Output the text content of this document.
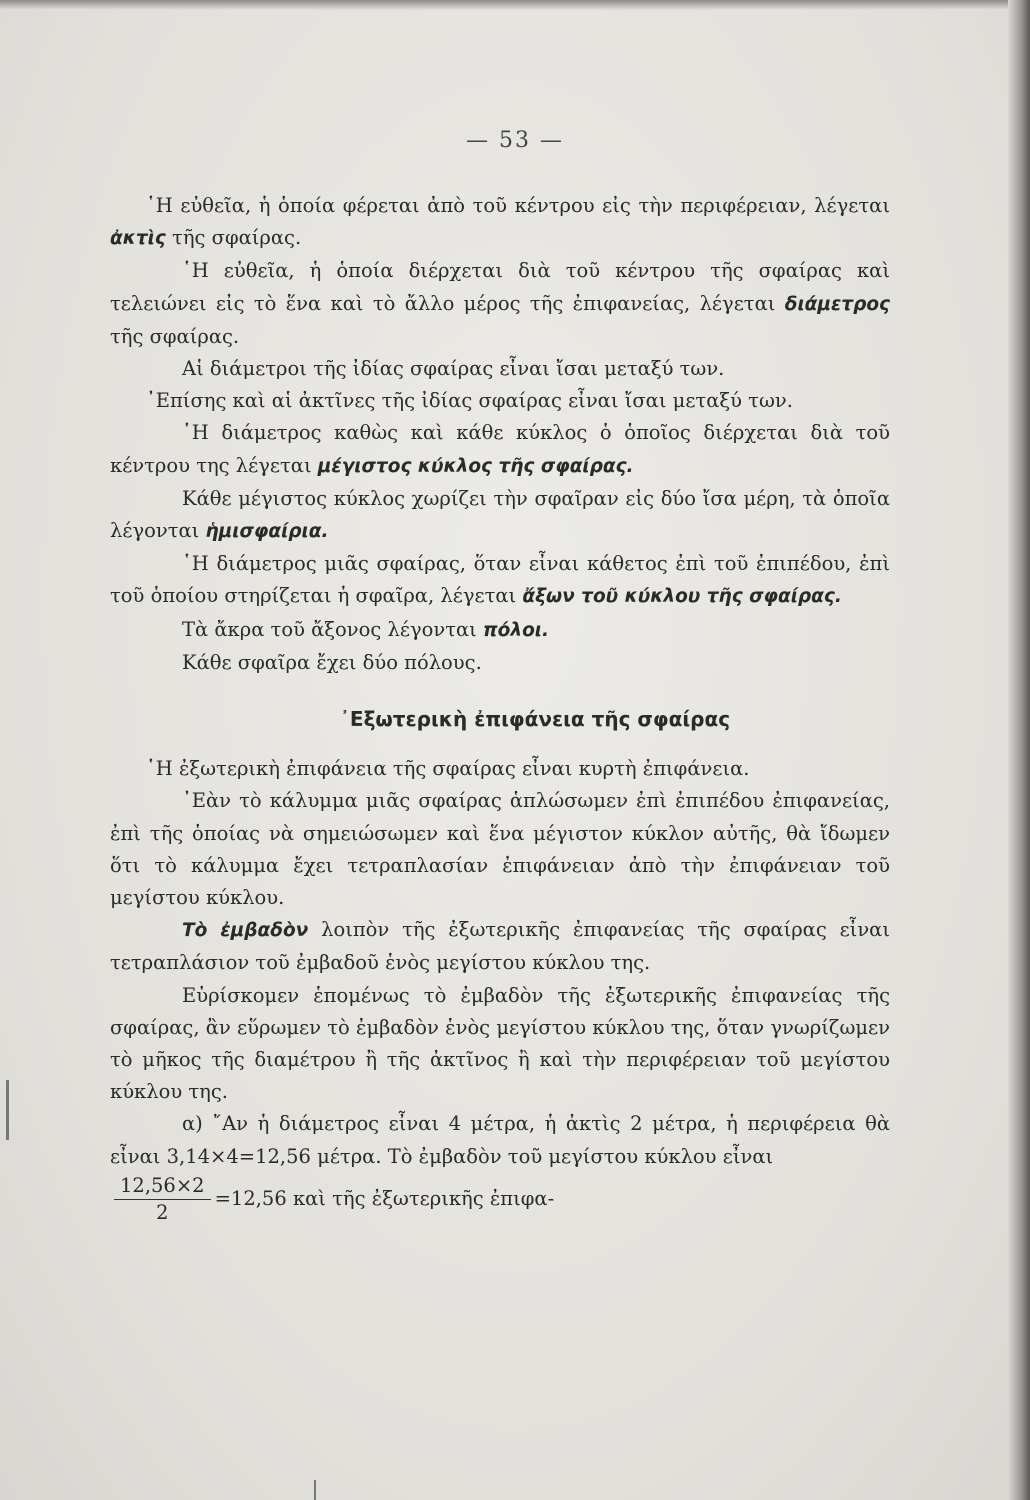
— 53 —

῾Η εὐθεῖα, ἡ ὁποία φέρεται ἀπὸ τοῦ κέντρου εἰς τὴν περιφέρειαν, λέγεται ἀκτὶς τῆς σφαίρας.

῾Η εὐθεῖα, ἡ ὁποία διέρχεται διὰ τοῦ κέντρου τῆς σφαίρας καὶ τελειώνει εἰς τὸ ἕνα καὶ τὸ ἄλλο μέρος τῆς ἐπιφανείας, λέγεται διάμετρος τῆς σφαίρας.

Αἱ διάμετροι τῆς ἰδίας σφαίρας εἶναι ἴσαι μεταξύ των.

᾿Επίσης καὶ αἱ ἀκτῖνες τῆς ἰδίας σφαίρας εἶναι ἴσαι μεταξύ των.

῾Η διάμετρος καθὼς καὶ κάθε κύκλος ὁ ὁποῖος διέρχεται διὰ τοῦ κέντρου της λέγεται μέγιστος κύκλος τῆς σφαίρας.

Κάθε μέγιστος κύκλος χωρίζει τὴν σφαῖραν εἰς δύο ἴσα μέρη, τὰ ὁποῖα λέγονται ἡμισφαίρια.

῾Η διάμετρος μιᾶς σφαίρας, ὅταν εἶναι κάθετος ἐπὶ τοῦ ἐπιπέδου, ἐπὶ τοῦ ὁποίου στηρίζεται ἡ σφαῖρα, λέγεται ἄξων τοῦ κύκλου τῆς σφαίρας.

Τὰ ἄκρα τοῦ ἄξονος λέγονται πόλοι.

Κάθε σφαῖρα ἔχει δύο πόλους.

᾿Εξωτερικὴ ἐπιφάνεια τῆς σφαίρας

῾Η ἐξωτερικὴ ἐπιφάνεια τῆς σφαίρας εἶναι κυρτὴ ἐπιφάνεια.

᾿Εὰν τὸ κάλυμμα μιᾶς σφαίρας ἁπλώσωμεν ἐπὶ ἐπιπέδου ἐπιφανείας, ἐπὶ τῆς ὁποίας νὰ σημειώσωμεν καὶ ἕνα μέγιστον κύκλον αὐτῆς, θὰ ἴδωμεν ὅτι τὸ κάλυμμα ἔχει τετραπλασίαν ἐπιφάνειαν ἀπὸ τὴν ἐπιφάνειαν τοῦ μεγίστου κύκλου.

Τὸ ἐμβαδὸν λοιπὸν τῆς ἐξωτερικῆς ἐπιφανείας τῆς σφαίρας εἶναι τετραπλάσιον τοῦ ἐμβαδοῦ ἑνὸς μεγίστου κύκλου της.

Εὑρίσκομεν ἑπομένως τὸ ἐμβαδὸν τῆς ἐξωτερικῆς ἐπιφανείας τῆς σφαίρας, ἂν εὕρωμεν τὸ ἐμβαδὸν ἑνὸς μεγίστου κύκλου της, ὅταν γνωρίζωμεν τὸ μῆκος τῆς διαμέτρου ἢ τῆς ἀκτῖνος ἢ καὶ τὴν περιφέρειαν τοῦ μεγίστου κύκλου της.

α) ῎Αν ἡ διάμετρος εἶναι 4 μέτρα, ἡ ἀκτὶς 2 μέτρα, ἡ περιφέρεια θὰ εἶναι 3,14×4=12,56 μέτρα. Τὸ ἐμβαδὸν τοῦ μεγίστου κύκλου εἶναι

$\frac{12,56\times 2}{2} =12,56$ καὶ τῆς ἐξωτερικῆς ἐπιφα-
